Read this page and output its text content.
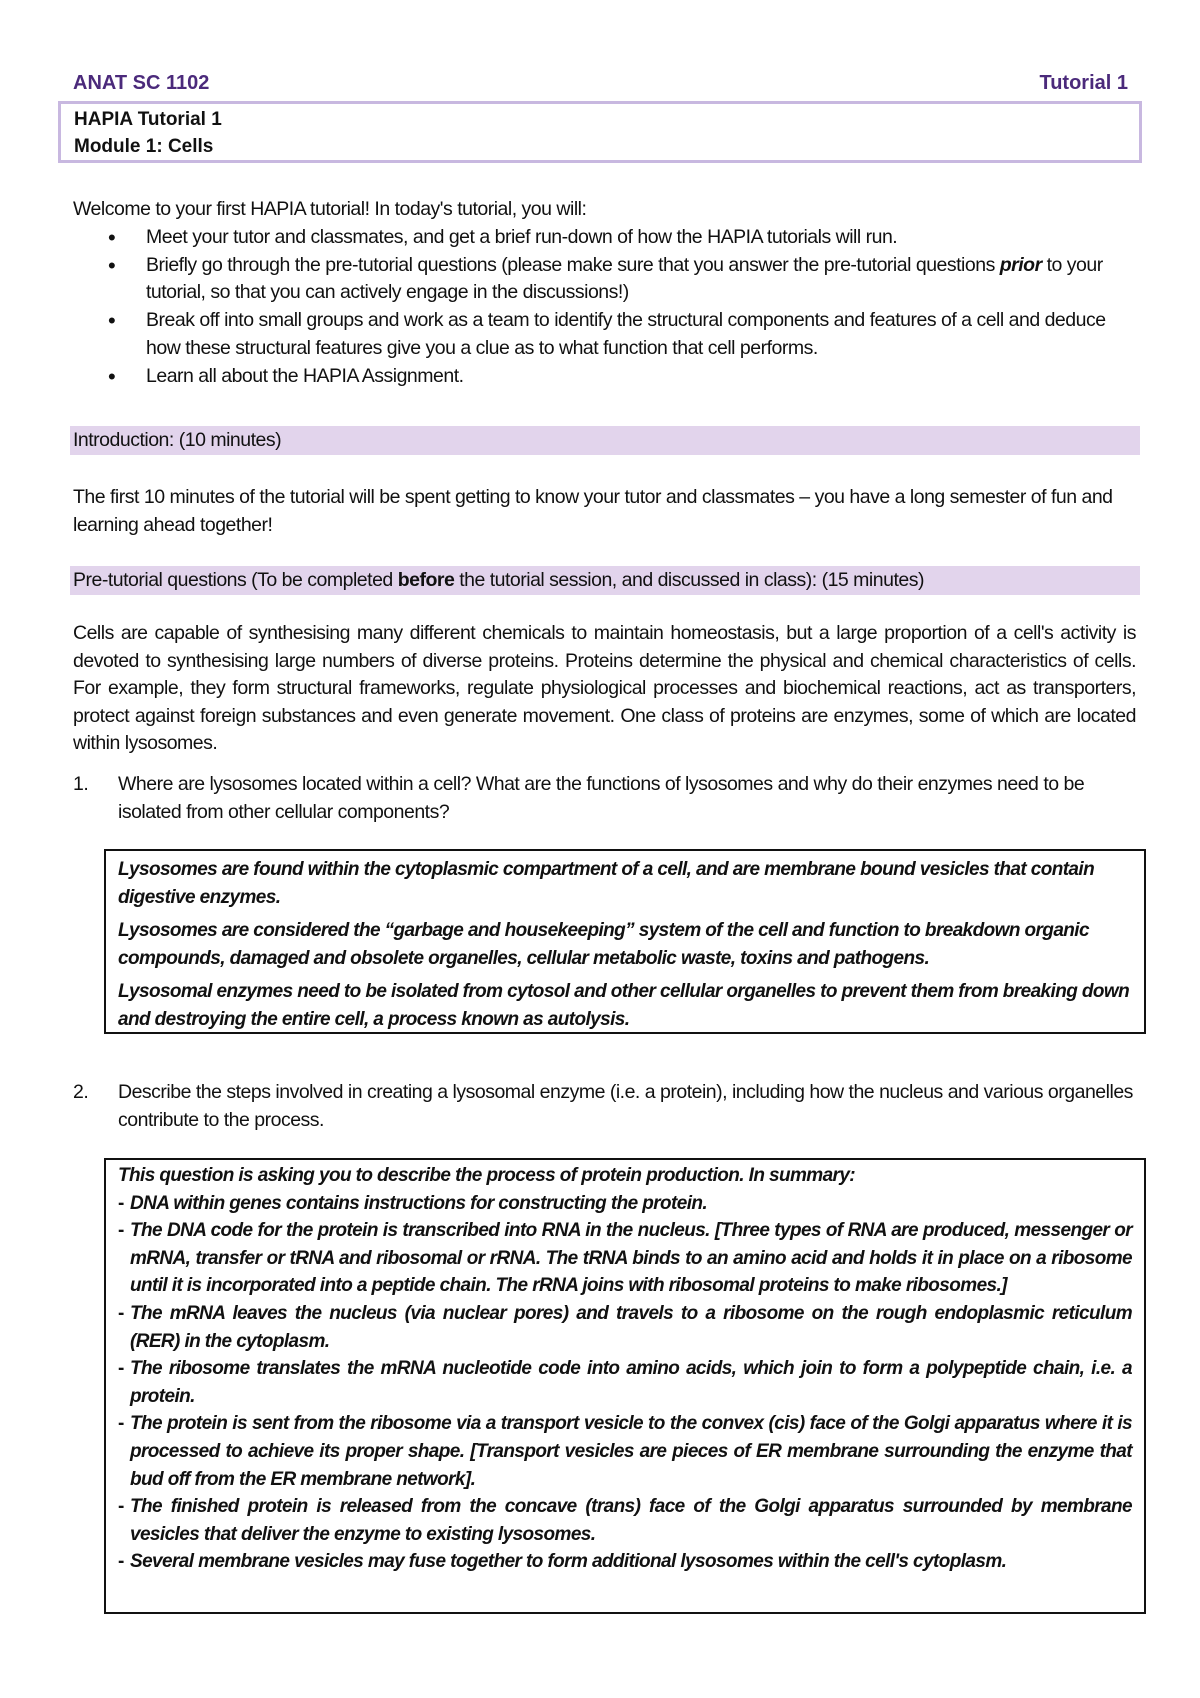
ANAT SC 1102	Tutorial 1
HAPIA Tutorial 1
Module 1: Cells
Welcome to your first HAPIA tutorial! In today's tutorial, you will:
• Meet your tutor and classmates, and get a brief run-down of how the HAPIA tutorials will run.
• Briefly go through the pre-tutorial questions (please make sure that you answer the pre-tutorial questions prior to your tutorial, so that you can actively engage in the discussions!)
• Break off into small groups and work as a team to identify the structural components and features of a cell and deduce how these structural features give you a clue as to what function that cell performs.
• Learn all about the HAPIA Assignment.
Introduction: (10 minutes)
The first 10 minutes of the tutorial will be spent getting to know your tutor and classmates – you have a long semester of fun and learning ahead together!
Pre-tutorial questions (To be completed before the tutorial session, and discussed in class): (15 minutes)
Cells are capable of synthesising many different chemicals to maintain homeostasis, but a large proportion of a cell's activity is devoted to synthesising large numbers of diverse proteins. Proteins determine the physical and chemical characteristics of cells. For example, they form structural frameworks, regulate physiological processes and biochemical reactions, act as transporters, protect against foreign substances and even generate movement. One class of proteins are enzymes, some of which are located within lysosomes.
1. Where are lysosomes located within a cell? What are the functions of lysosomes and why do their enzymes need to be isolated from other cellular components?

Lysosomes are found within the cytoplasmic compartment of a cell, and are membrane bound vesicles that contain digestive enzymes.

Lysosomes are considered the “garbage and housekeeping” system of the cell and function to breakdown organic compounds, damaged and obsolete organelles, cellular metabolic waste, toxins and pathogens.

Lysosomal enzymes need to be isolated from cytosol and other cellular organelles to prevent them from breaking down and destroying the entire cell, a process known as autolysis.

2. Describe the steps involved in creating a lysosomal enzyme (i.e. a protein), including how the nucleus and various organelles contribute to the process.
This question is asking you to describe the process of protein production. In summary:
- DNA within genes contains instructions for constructing the protein.
- The DNA code for the protein is transcribed into RNA in the nucleus. [Three types of RNA are produced, messenger or mRNA, transfer or tRNA and ribosomal or rRNA. The tRNA binds to an amino acid and holds it in place on a ribosome until it is incorporated into a peptide chain. The rRNA joins with ribosomal proteins to make ribosomes.]
- The mRNA leaves the nucleus (via nuclear pores) and travels to a ribosome on the rough endoplasmic reticulum (RER) in the cytoplasm.
- The ribosome translates the mRNA nucleotide code into amino acids, which join to form a polypeptide chain, i.e. a protein.
- The protein is sent from the ribosome via a transport vesicle to the convex (cis) face of the Golgi apparatus where it is processed to achieve its proper shape. [Transport vesicles are pieces of ER membrane surrounding the enzyme that bud off from the ER membrane network].
- The finished protein is released from the concave (trans) face of the Golgi apparatus surrounded by membrane vesicles that deliver the enzyme to existing lysosomes.
- Several membrane vesicles may fuse together to form additional lysosomes within the cell's cytoplasm.
